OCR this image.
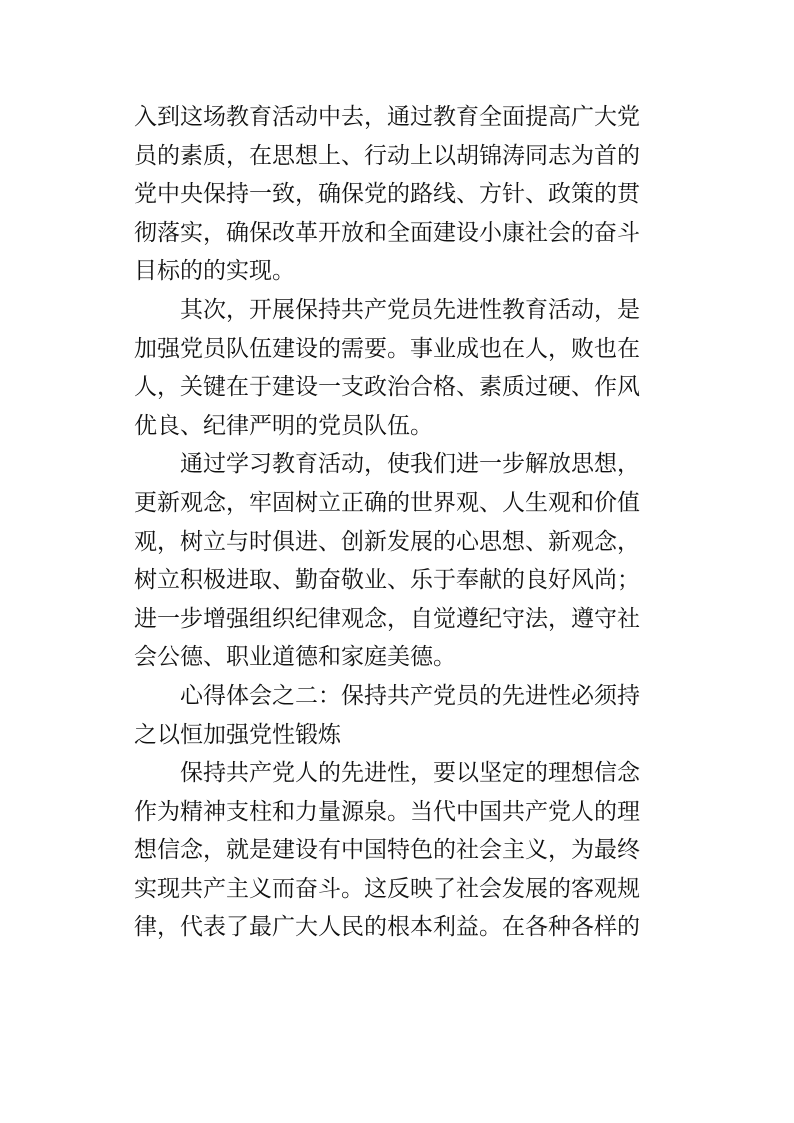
入到这场教育活动中去，通过教育全面提高广大党
员的素质，在思想上、行动上以胡锦涛同志为首的
党中央保持一致，确保党的路线、方针、政策的贯
彻落实，确保改革开放和全面建设小康社会的奋斗
目标的的实现。
　　其次，开展保持共产党员先进性教育活动，是
加强党员队伍建设的需要。事业成也在人，败也在
人，关键在于建设一支政治合格、素质过硬、作风
优良、纪律严明的党员队伍。
　　通过学习教育活动，使我们进一步解放思想，
更新观念，牢固树立正确的世界观、人生观和价值
观，树立与时俱进、创新发展的心思想、新观念，
树立积极进取、勤奋敬业、乐于奉献的良好风尚；
进一步增强组织纪律观念，自觉遵纪守法，遵守社
会公德、职业道德和家庭美德。
　　心得体会之二：保持共产党员的先进性必须持
之以恒加强党性锻炼
　　保持共产党人的先进性，要以坚定的理想信念
作为精神支柱和力量源泉。当代中国共产党人的理
想信念，就是建设有中国特色的社会主义，为最终
实现共产主义而奋斗。这反映了社会发展的客观规
律，代表了最广大人民的根本利益。在各种各样的
